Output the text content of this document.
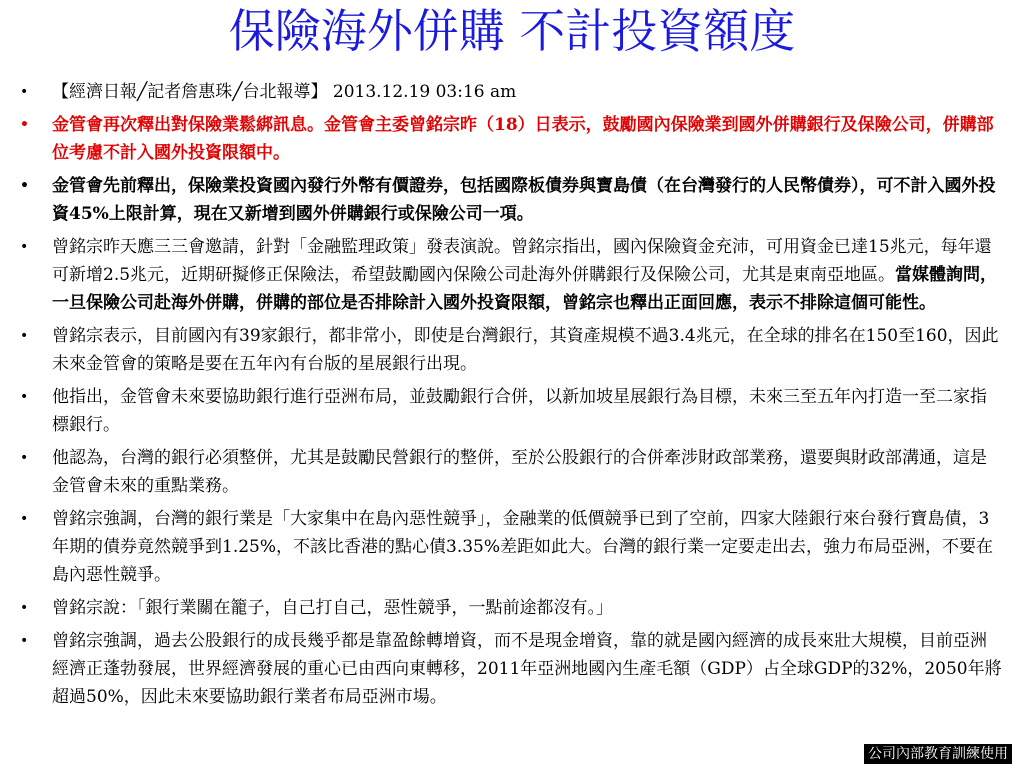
保險海外併購 不計投資額度
• 【經濟日報╱記者詹惠珠╱台北報導】 2013.12.19 03:16 am
• 金管會再次釋出對保險業鬆綁訊息。金管會主委曾銘宗昨（18）日表示，鼓勵國內保險業到國外併購銀行及保險公司，併購部位考慮不計入國外投資限額中。
• 金管會先前釋出，保險業投資國內發行外幣有價證券，包括國際板債券與寶島債（在台灣發行的人民幣債券），可不計入國外投資45%上限計算，現在又新增到國外併購銀行或保險公司一項。
• 曾銘宗昨天應三三會邀請，針對「金融監理政策」發表演說。曾銘宗指出，國內保險資金充沛，可用資金已達15兆元，每年還可新增2.5兆元，近期研擬修正保險法，希望鼓勵國內保險公司赴海外併購銀行及保險公司，尤其是東南亞地區。當媒體詢問，一旦保險公司赴海外併購，併購的部位是否排除計入國外投資限額，曾銘宗也釋出正面回應，表示不排除這個可能性。
• 曾銘宗表示，目前國內有39家銀行，都非常小，即使是台灣銀行，其資產規模不過3.4兆元，在全球的排名在150至160，因此未來金管會的策略是要在五年內有台版的星展銀行出現。
• 他指出，金管會未來要協助銀行進行亞洲布局，並鼓勵銀行合併，以新加坡星展銀行為目標，未來三至五年內打造一至二家指標銀行。
• 他認為，台灣的銀行必須整併，尤其是鼓勵民營銀行的整併，至於公股銀行的合併牽涉財政部業務，還要與財政部溝通，這是金管會未來的重點業務。
• 曾銘宗強調，台灣的銀行業是「大家集中在島內惡性競爭」，金融業的低價競爭已到了空前，四家大陸銀行來台發行寶島債，3年期的債券竟然競爭到1.25%，不該比香港的點心債3.35%差距如此大。台灣的銀行業一定要走出去，強力布局亞洲，不要在島內惡性競爭。
• 曾銘宗說：「銀行業關在籠子，自己打自己，惡性競爭，一點前途都沒有。」
• 曾銘宗強調，過去公股銀行的成長幾乎都是靠盈餘轉增資，而不是現金增資，靠的就是國內經濟的成長來壯大規模，目前亞洲經濟正蓬勃發展，世界經濟發展的重心已由西向東轉移，2011年亞洲地國內生產毛額（GDP）占全球GDP的32%，2050年將超過50%，因此未來要協助銀行業者布局亞洲市場。
公司內部教育訓練使用
